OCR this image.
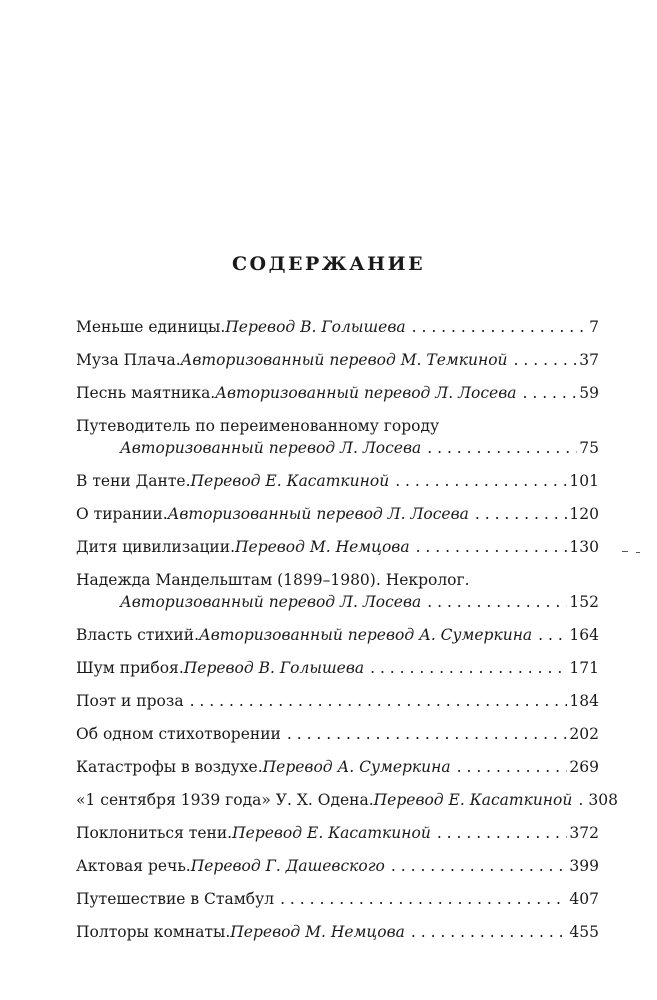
СОДЕРЖАНИЕ
Меньше единицы. Перевод В. Голышева . . .	7
Муза Плача. Авторизованный перевод М. Темкиной . . .	37
Песнь маятника. Авторизованный перевод Л. Лосева . . .	59
Путеводитель по переименованному городу
Авторизованный перевод Л. Лосева . . .	75
В тени Данте. Перевод Е. Касаткиной . . .	101
О тирании. Авторизованный перевод Л. Лосева . . .	120
Дитя цивилизации. Перевод М. Немцова . . .	130
Надежда Мандельштам (1899–1980). Некролог.
Авторизованный перевод Л. Лосева . . .	152
Власть стихий. Авторизованный перевод А. Сумеркина . . . 164
Шум прибоя. Перевод В. Голышева . . .	171
Поэт и проза . . .	184
Об одном стихотворении . . .	202
Катастрофы в воздухе. Перевод А. Сумеркина . . .	269
«1 сентября 1939 года» У. Х. Одена. Перевод Е. Касаткиной . . . 308
Поклониться тени. Перевод Е. Касаткиной . . .	372
Актовая речь. Перевод Г. Дашевского . . .	399
Путешествие в Стамбул . . .	407
Полторы комнаты. Перевод М. Немцова . . .	455
